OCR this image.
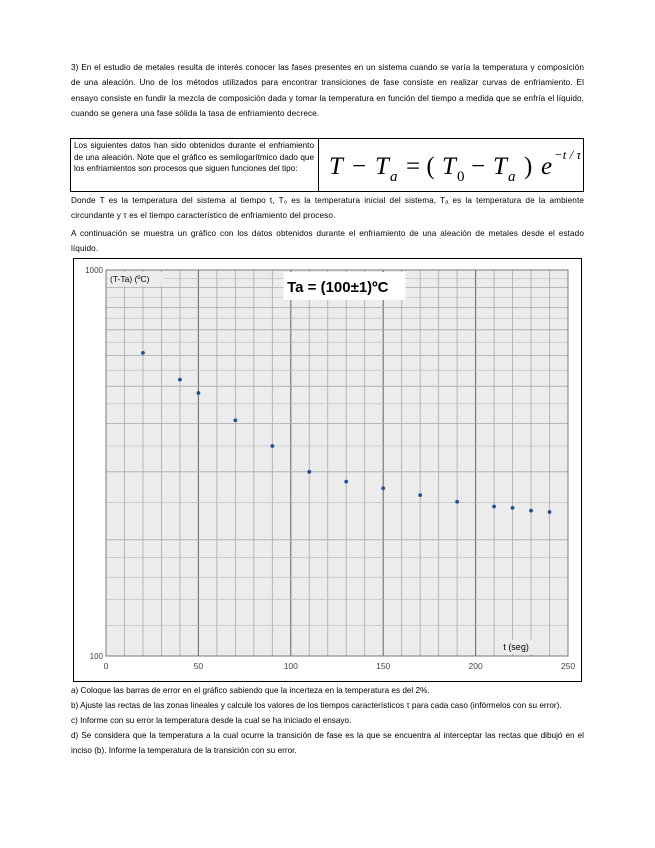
3) En el estudio de metales resulta de interés conocer las fases presentes en un sistema cuando se varía la temperatura y composición de una aleación. Uno de los métodos utilizados para encontrar transiciones de fase consiste en realizar curvas de enfriamiento. El ensayo consiste en fundir la mezcla de composición dada y tomar la temperatura en función del tiempo a medida que se enfría el líquido, cuando se genera una fase sólida la tasa de enfriamiento decrece.
Los siguientes datos han sido obtenidos durante el enfriamiento de una aleación. Note que el gráfico es semilogarítmico dado que los enfriamientos son procesos que siguen funciones del tipo:	T − T a = ( T 0 − T a ) e −t / τ
Donde T es la temperatura del sistema al tiempo t, T₀ es la temperatura inicial del sistema, Tₐ es la temperatura de la ambiente circundante y τ es el tiempo característico de enfriamiento del proceso.
A continuación se muestra un gráfico con los datos obtenidos durante el enfriamiento de una aleación de metales desde el estado líquido.
0	50	100	150	200	250
100
1000
(T-Ta) (ºC)
t (seg)
Ta = (100±1)ºC

a) Coloque las barras de error en el gráfico sabiendo que la incerteza en la temperatura es del 2%.

b) Ajuste las rectas de las zonas lineales y calcule los valores de los tiempos característicos τ para cada caso (infórmelos con su error).

c) Informe con su error la temperatura desde la cual se ha iniciado el ensayo.

d) Se considera que la temperatura a la cual ocurre la transición de fase es la que se encuentra al interceptar las rectas que dibujó en el inciso (b). Informe la temperatura de la transición con su error.
